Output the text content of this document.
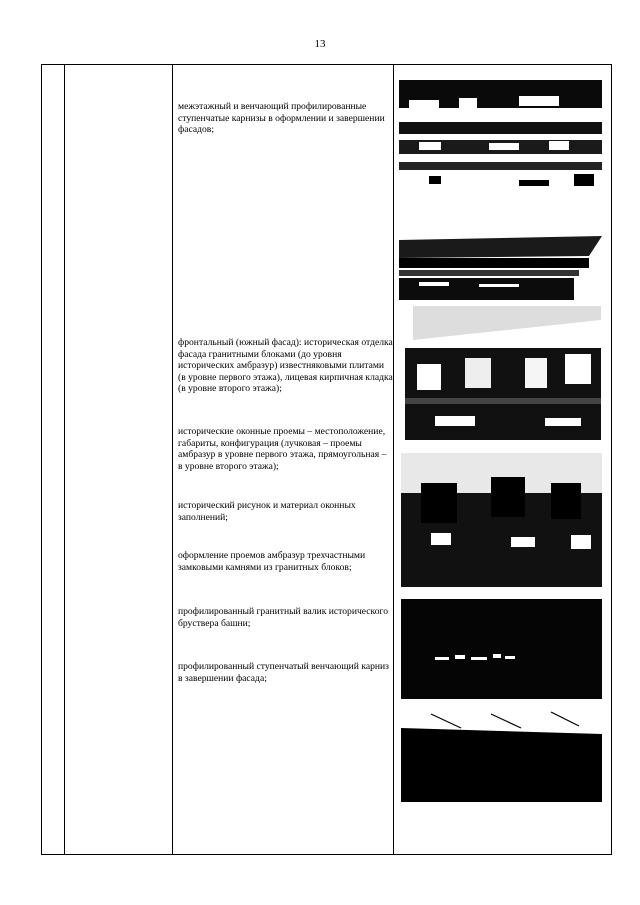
13
межэтажный и венчающий профилированные ступенчатые карнизы в оформлении и завершении фасадов;
фронтальный (южный фасад): историческая отделка фасада гранитными блоками (до уровня исторических амбразур) известняковыми плитами (в уровне первого этажа), лицевая кирпичная кладка (в уровне второго этажа);
исторические оконные проемы – местоположение, габариты, конфигурация (лучковая – проемы амбразур в уровне первого этажа, прямоугольная – в уровне второго этажа);
исторический рисунок и материал оконных заполнений;
оформление проемов амбразур трехчастными замковыми камнями из гранитных блоков;
профилированный гранитный валик исторического бруствера башни;
профилированный ступенчатый венчающий карниз в завершении фасада;
